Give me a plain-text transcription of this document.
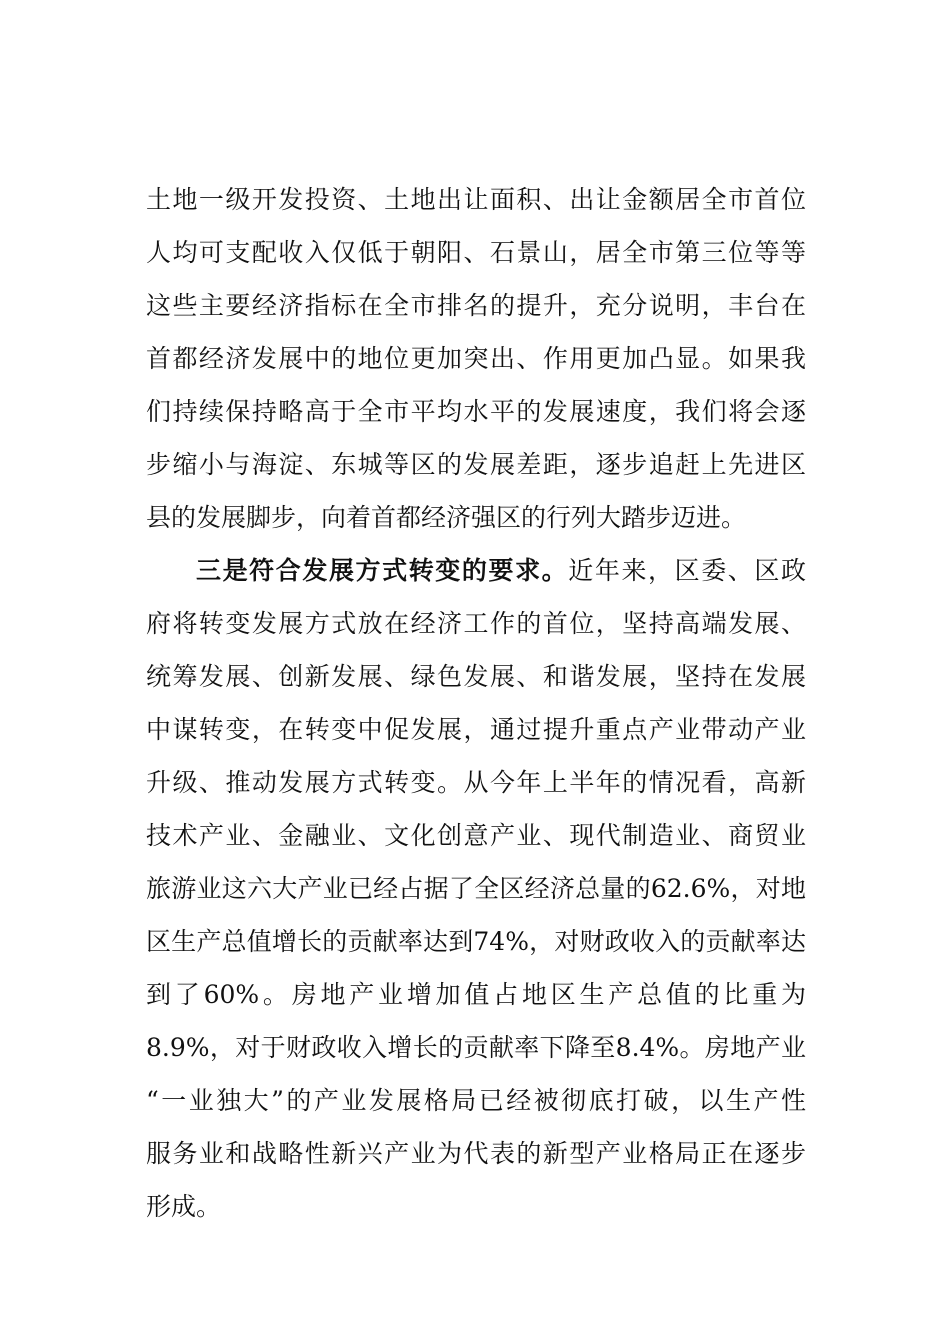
土地一级开发投资、土地出让面积、出让金额居全市首位
人均可支配收入仅低于朝阳、石景山，居全市第三位等等
这些主要经济指标在全市排名的提升，充分说明，丰台在
首都经济发展中的地位更加突出、作用更加凸显。如果我
们持续保持略高于全市平均水平的发展速度，我们将会逐
步缩小与海淀、东城等区的发展差距，逐步追赶上先进区
县的发展脚步，向着首都经济强区的行列大踏步迈进。
三是符合发展方式转变的要求。近年来，区委、区政
府将转变发展方式放在经济工作的首位，坚持高端发展、
统筹发展、创新发展、绿色发展、和谐发展，坚持在发展
中谋转变，在转变中促发展，通过提升重点产业带动产业
升级、推动发展方式转变。从今年上半年的情况看，高新
技术产业、金融业、文化创意产业、现代制造业、商贸业
旅游业这六大产业已经占据了全区经济总量的62.6%，对地
区生产总值增长的贡献率达到74%，对财政收入的贡献率达
到了60%。房地产业增加值占地区生产总值的比重为
8.9%，对于财政收入增长的贡献率下降至8.4%。房地产业
“一业独大”的产业发展格局已经被彻底打破，以生产性
服务业和战略性新兴产业为代表的新型产业格局正在逐步
形成。
